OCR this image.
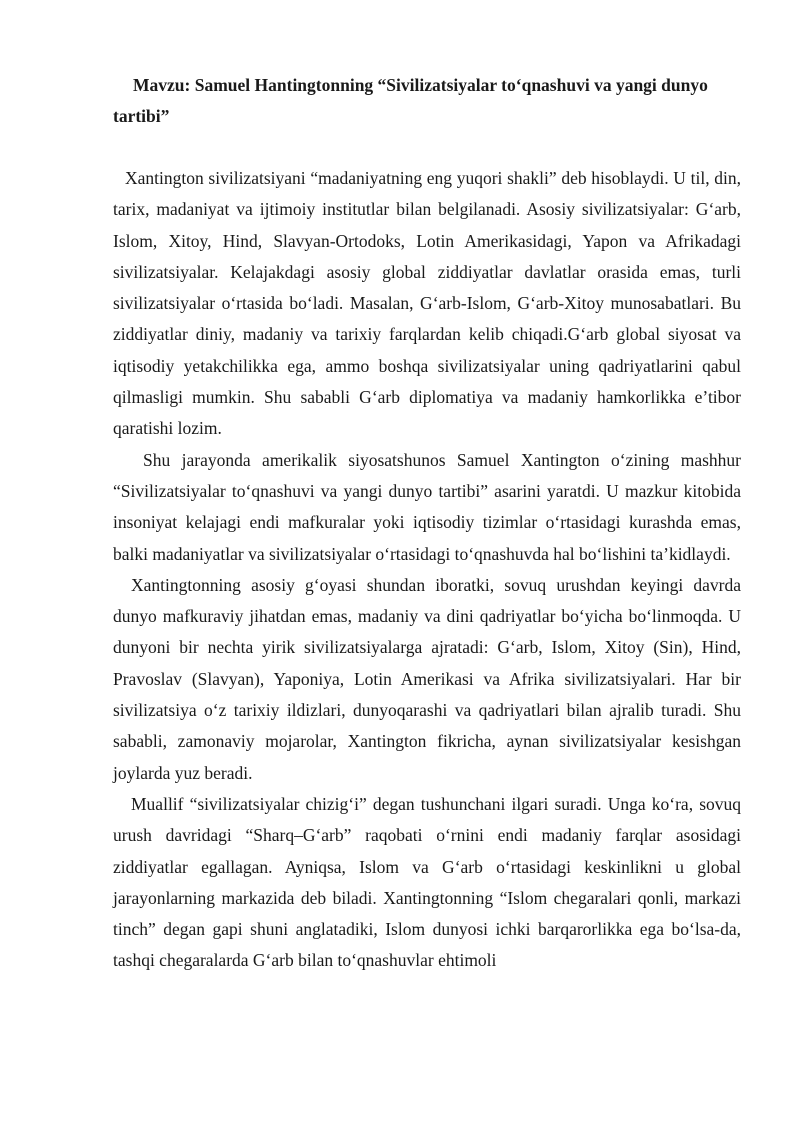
Mavzu: Samuel Hantingtonning “Sivilizatsiyalar to‘qnashuvi va yangi dunyo tartibi”

Xantington sivilizatsiyani “madaniyatning eng yuqori shakli” deb hisoblaydi. U til, din, tarix, madaniyat va ijtimoiy institutlar bilan belgilanadi. Asosiy sivilizatsiyalar: G‘arb, Islom, Xitoy, Hind, Slavyan-Ortodoks, Lotin Amerikasidagi, Yapon va Afrikadagi sivilizatsiyalar. Kelajakdagi asosiy global ziddiyatlar davlatlar orasida emas, turli sivilizatsiyalar o‘rtasida bo‘ladi. Masalan, G‘arb-Islom, G‘arb-Xitoy munosabatlari. Bu ziddiyatlar diniy, madaniy va tarixiy farqlardan kelib chiqadi.G‘arb global siyosat va iqtisodiy yetakchilikka ega, ammo boshqa sivilizatsiyalar uning qadriyatlarini qabul qilmasligi mumkin. Shu sababli G‘arb diplomatiya va madaniy hamkorlikka e’tibor qaratishi lozim.

Shu jarayonda amerikalik siyosatshunos Samuel Xantington o‘zining mashhur “Sivilizatsiyalar to‘qnashuvi va yangi dunyo tartibi” asarini yaratdi. U mazkur kitobida insoniyat kelajagi endi mafkuralar yoki iqtisodiy tizimlar o‘rtasidagi kurashda emas, balki madaniyatlar va sivilizatsiyalar o‘rtasidagi to‘qnashuvda hal bo‘lishini ta’kidlaydi.

Xantingtonning asosiy g‘oyasi shundan iboratki, sovuq urushdan keyingi davrda dunyo mafkuraviy jihatdan emas, madaniy va dini qadriyatlar bo‘yicha bo‘linmoqda. U dunyoni bir nechta yirik sivilizatsiyalarga ajratadi: G‘arb, Islom, Xitoy (Sin), Hind, Pravoslav (Slavyan), Yaponiya, Lotin Amerikasi va Afrika sivilizatsiyalari. Har bir sivilizatsiya o‘z tarixiy ildizlari, dunyoqarashi va qadriyatlari bilan ajralib turadi. Shu sababli, zamonaviy mojarolar, Xantington fikricha, aynan sivilizatsiyalar kesishgan joylarda yuz beradi.

Muallif “sivilizatsiyalar chizig‘i” degan tushunchani ilgari suradi. Unga ko‘ra, sovuq urush davridagi “Sharq–G‘arb” raqobati o‘rnini endi madaniy farqlar asosidagi ziddiyatlar egallagan. Ayniqsa, Islom va G‘arb o‘rtasidagi keskinlikni u global jarayonlarning markazida deb biladi. Xantingtonning “Islom chegaralari qonli, markazi tinch” degan gapi shuni anglatadiki, Islom dunyosi ichki barqarorlikka ega bo‘lsa-da, tashqi chegaralarda G‘arb bilan to‘qnashuvlar ehtimoli
